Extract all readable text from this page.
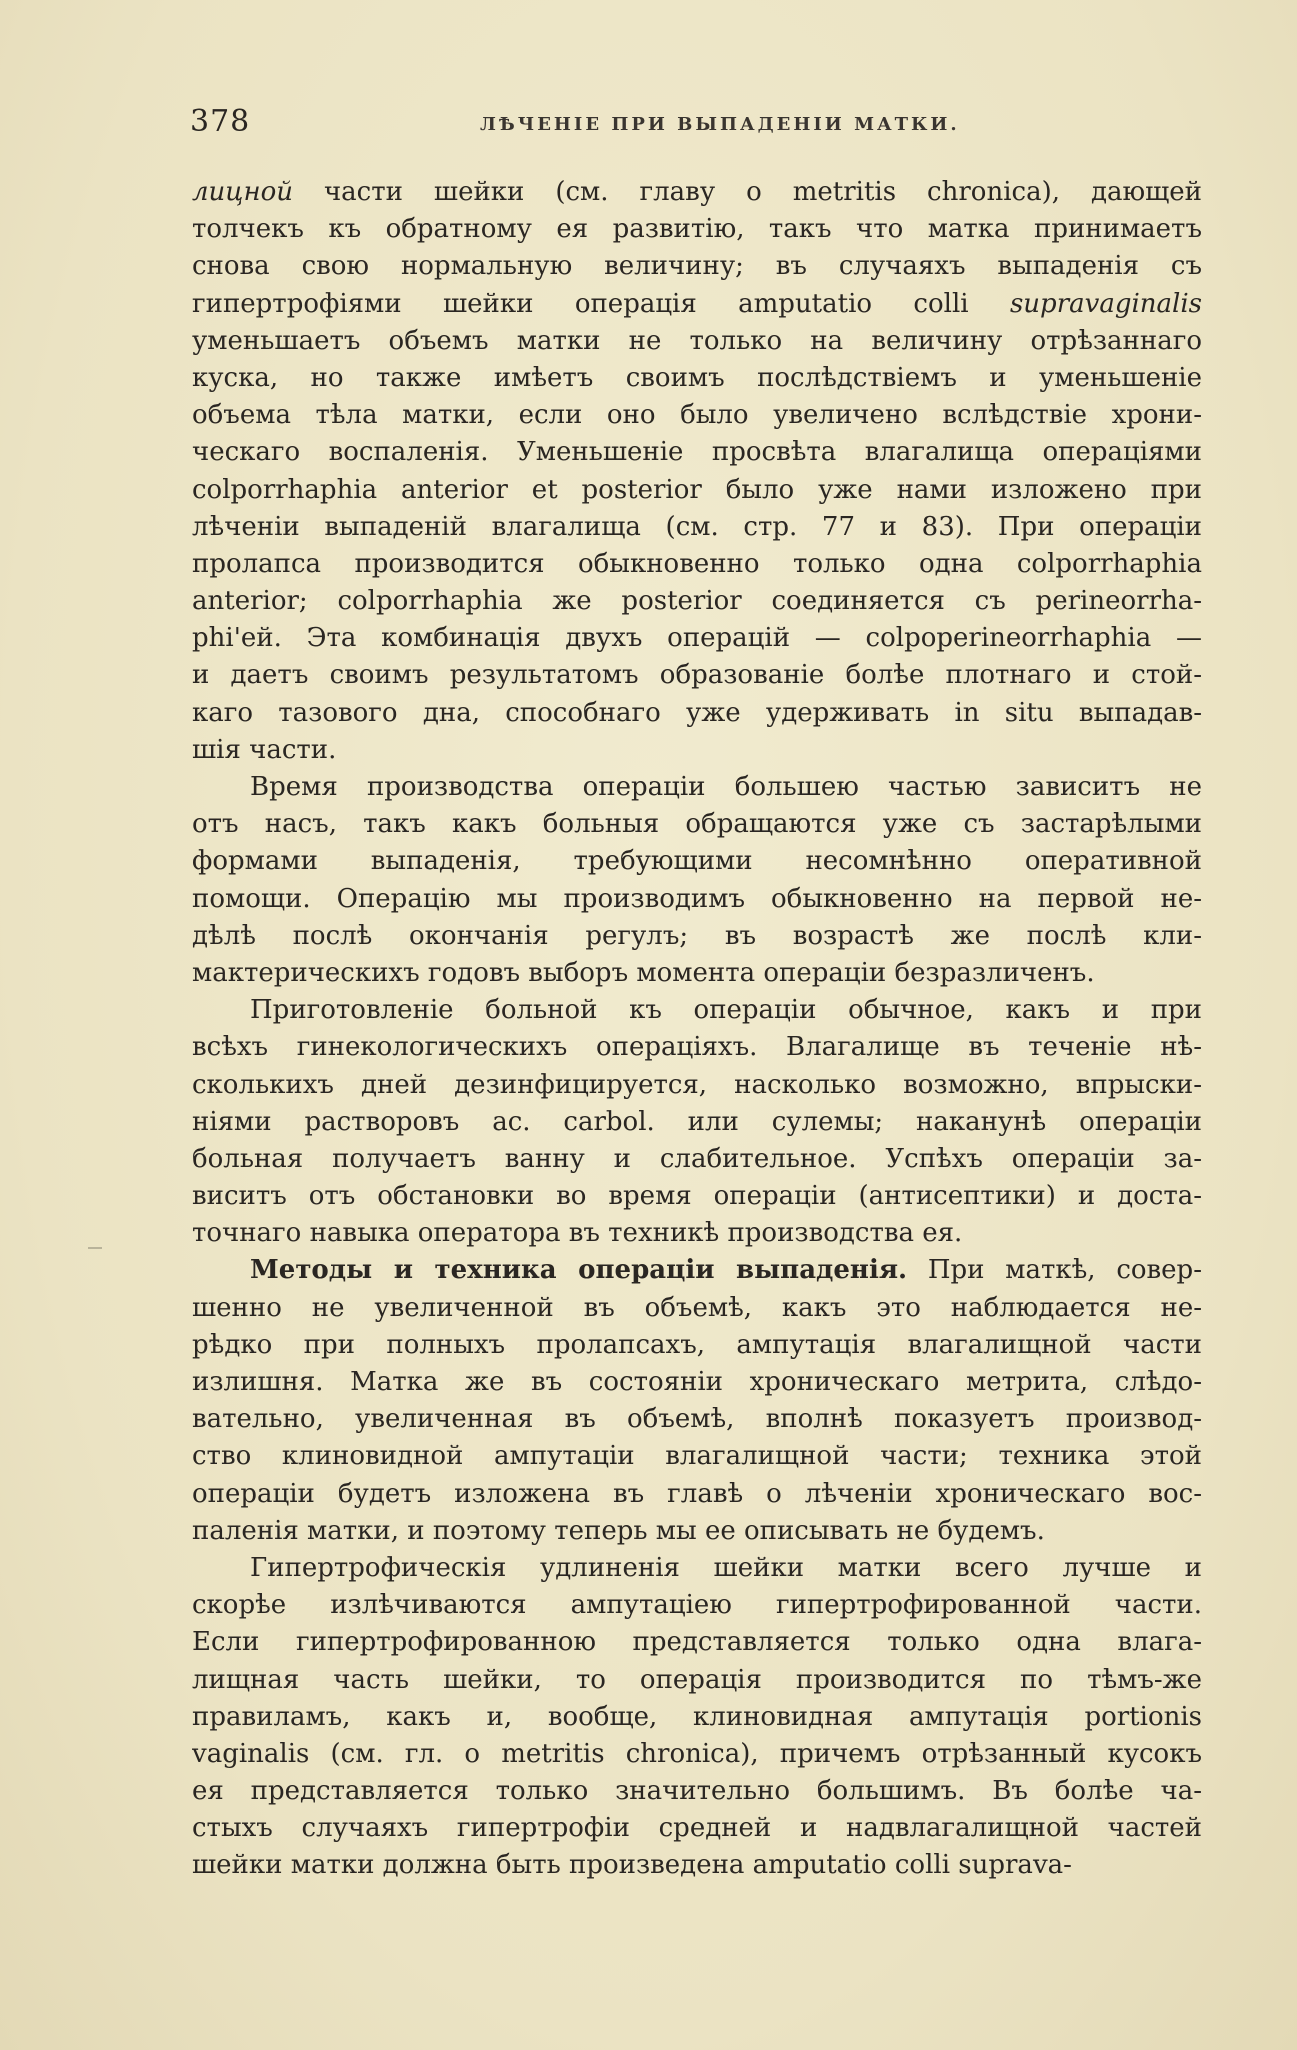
378	ЛѢЧЕНІЕ ПРИ ВЫПАДЕНІИ МАТКИ.
лицной части шейки (см. главу о metritis chronica), дающей
толчекъ къ обратному ея развитію, такъ что матка принимаетъ
снова свою нормальную величину; въ случаяхъ выпаденія съ
гипертрофіями шейки операція amputatio colli supravaginalis
уменьшаетъ объемъ матки не только на величину отрѣзаннаго
куска, но также имѣетъ своимъ послѣдствіемъ и уменьшеніе
объема тѣла матки, если оно было увеличено вслѣдствіе хрони-
ческаго воспаленія. Уменьшеніе просвѣта влагалища операціями
colporrhaphia anterior et posterior было уже нами изложено при
лѣченіи выпаденій влагалища (см. стр. 77 и 83). При операціи
пролапса производится обыкновенно только одна colporrhaphia
anterior; colporrhaphia же posterior соединяется съ perineorrha-
phi'ей. Эта комбинація двухъ операцій — colpoperineorrhaphia —
и даетъ своимъ результатомъ образованіе болѣе плотнаго и стой-
каго тазового дна, способнаго уже удерживать in situ выпадав-
шія части.
Время производства операціи большею частью зависитъ не
отъ насъ, такъ какъ больныя обращаются уже съ застарѣлыми
формами выпаденія, требующими несомнѣнно оперативной
помощи. Операцію мы производимъ обыкновенно на первой не-
дѣлѣ послѣ окончанія регулъ; въ возрастѣ же послѣ кли-
мактерическихъ годовъ выборъ момента операціи безразличенъ.
Приготовленіе больной къ операціи обычное, какъ и при
всѣхъ гинекологическихъ операціяхъ. Влагалище въ теченіе нѣ-
сколькихъ дней дезинфицируется, насколько возможно, впрыски-
ніями растворовъ ac. carbol. или сулемы; наканунѣ операціи
больная получаетъ ванну и слабительное. Успѣхъ операціи за-
виситъ отъ обстановки во время операціи (антисептики) и доста-
точнаго навыка оператора въ техникѣ производства ея.
Методы и техника операціи выпаденія. При маткѣ, совер-
шенно не увеличенной въ объемѣ, какъ это наблюдается не-
рѣдко при полныхъ пролапсахъ, ампутація влагалищной части
излишня. Матка же въ состояніи хроническаго метрита, слѣдо-
вательно, увеличенная въ объемѣ, вполнѣ показуетъ производ-
ство клиновидной ампутаціи влагалищной части; техника этой
операціи будетъ изложена въ главѣ о лѣченіи хроническаго вос-
паленія матки, и поэтому теперь мы ее описывать не будемъ.
Гипертрофическія удлиненія шейки матки всего лучше и
скорѣе излѣчиваются ампутаціею гипертрофированной части.
Если гипертрофированною представляется только одна влага-
лищная часть шейки, то операція производится по тѣмъ-же
правиламъ, какъ и, вообще, клиновидная ампутація portionis
vaginalis (см. гл. о metritis chronica), причемъ отрѣзанный кусокъ
ея представляется только значительно большимъ. Въ болѣе ча-
стыхъ случаяхъ гипертрофіи средней и надвлагалищной частей
шейки матки должна быть произведена amputatio colli suprava-
